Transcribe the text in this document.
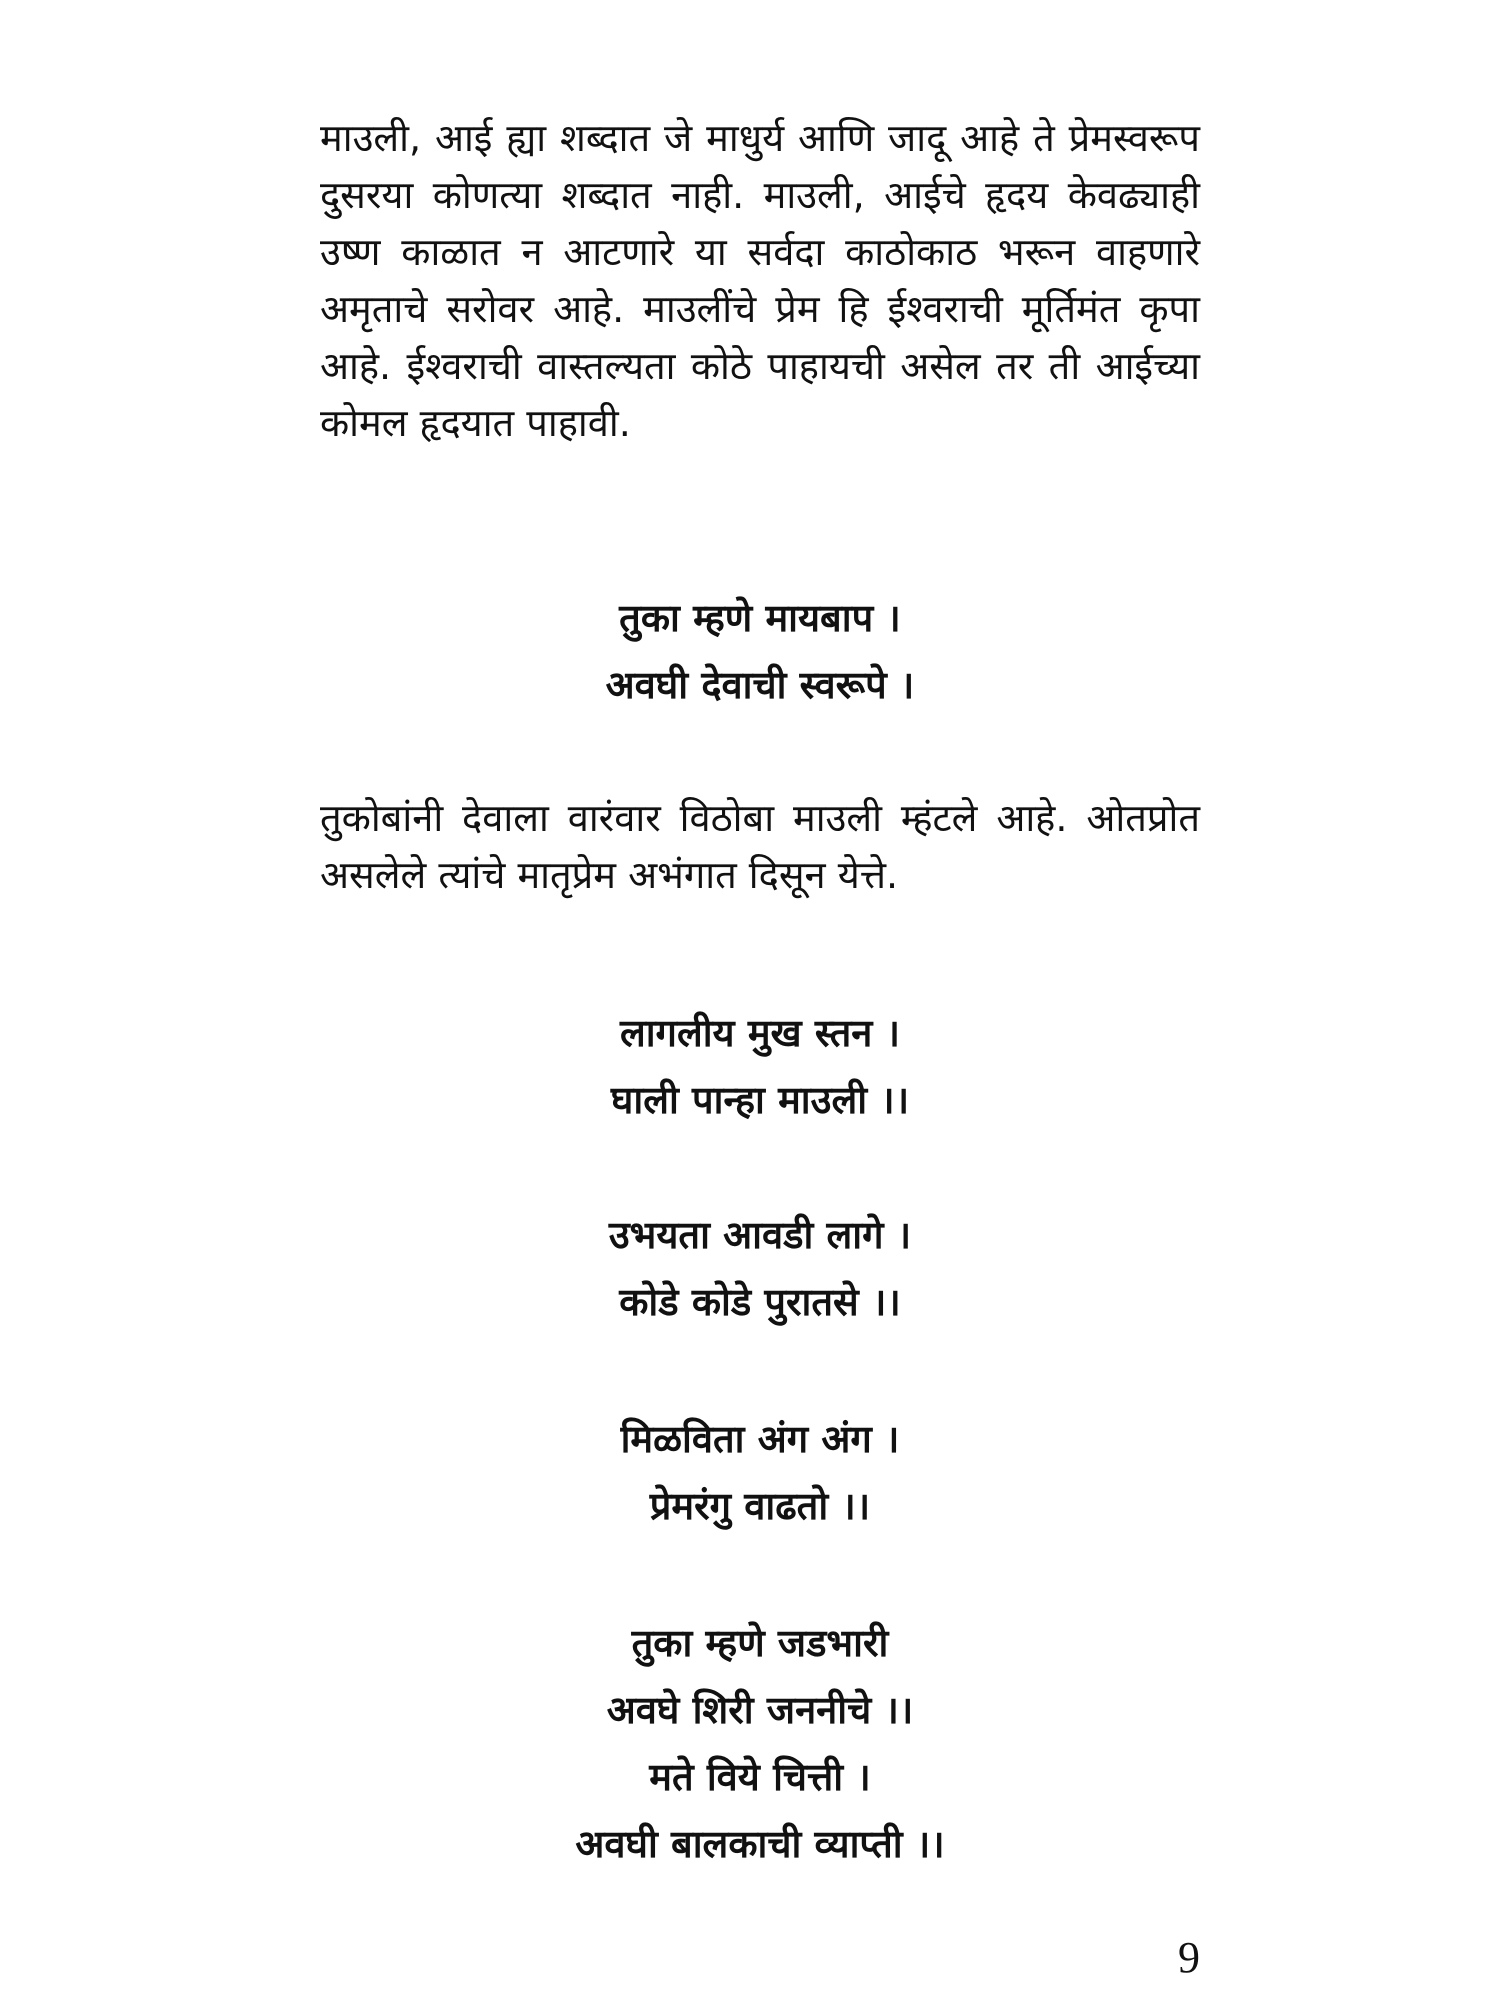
माउली, आई ह्या शब्दात जे माधुर्य आणि जादू आहे ते प्रेमस्वरूप दुसरया कोणत्या शब्दात नाही. माउली, आईचे हृदय केवढ्याही उष्ण काळात न आटणारे या सर्वदा काठोकाठ भरून वाहणारे अमृताचे सरोवर आहे. माउलींचे प्रेम हि ईश्वराची मूर्तिमंत कृपा आहे. ईश्वराची वास्तल्यता कोठे पाहायची असेल तर ती आईच्या कोमल हृदयात पाहावी.

तुका म्हणे मायबाप ।
अवघी देवाची स्वरूपे ।

तुकोबांनी देवाला वारंवार विठोबा माउली म्हंटले आहे. ओतप्रोत असलेले त्यांचे मातृप्रेम अभंगात दिसून येत्ते.

लागलीय मुख स्तन ।
घाली पान्हा माउली ।।
उभयता आवडी लागे ।
कोडे कोडे पुरातसे ।।
मिळविता अंग अंग ।
प्रेमरंगु वाढतो ।।
तुका म्हणे जडभारी
अवघे शिरी जननीचे ।।
मते विये चित्ती ।
अवघी बालकाची व्याप्ती ।।
9
